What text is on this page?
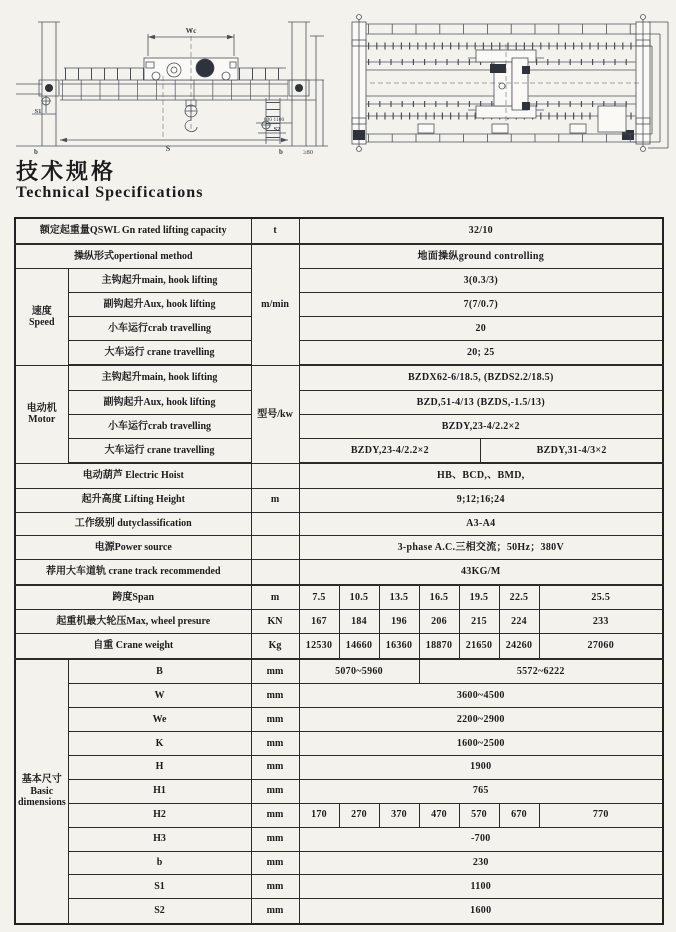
Wc
S
S1
S2
600 1100
b	b	≥80
技术规格
Technical Specifications
额定起重量QSWL Gn rated lifting capacity		t	32/10						
操纵形式opertional method		m/min	地面操纵ground controlling						

速度
Speed	主钩起升main, hook lifting		3(0.3/3)						
	副钩起升Aux, hook lifting		7(7/0.7)						
	小车运行crab travelling		20						
	大车运行 crane travelling		20; 25						

电动机
Motor	主钩起升main, hook lifting	型号/kw	BZDX62-6/18.5, (BZDS2.2/18.5)						
	副钩起升Aux, hook lifting		BZD,51-4/13 (BZDS,-1.5/13)						
	小车运行crab travelling		BZDY,23-4/2.2×2						
	大车运行 crane travelling		BZDY,23-4/2.2×2 BZDY,31-4/3×2						

电动葫芦 Electric Hoist			HB、BCD,、BMD,						
起升高度 Lifting Height		m	9;12;16;24						
工作级别 dutyclassification			A3-A4						
电源Power source			3-phase A.C.三相交流；50Hz；380V						
荐用大车道轨 crane track recommended			43KG/M						
跨度Span		m	7.5	10.5	13.5	16.5	19.5	22.5	25.5
起重机最大轮压Max, wheel presure		KN	167	184	196	206	215	224	233
自重 Crane weight		Kg	12530	14660	16360	18870	21650	24260	27060

基本尺寸
Basic dimensions	B	mm	5070~5960			5572~6222			
	W	mm	3600~4500						
	We	mm	2200~2900						
	K	mm	1600~2500						
	H	mm	1900						
	H1	mm	765						
	H2	mm	170	270	370	470	570	670	770
	H3	mm	-700						
	b	mm	230						
	S1	mm	1100						
	S2	mm	1600						
